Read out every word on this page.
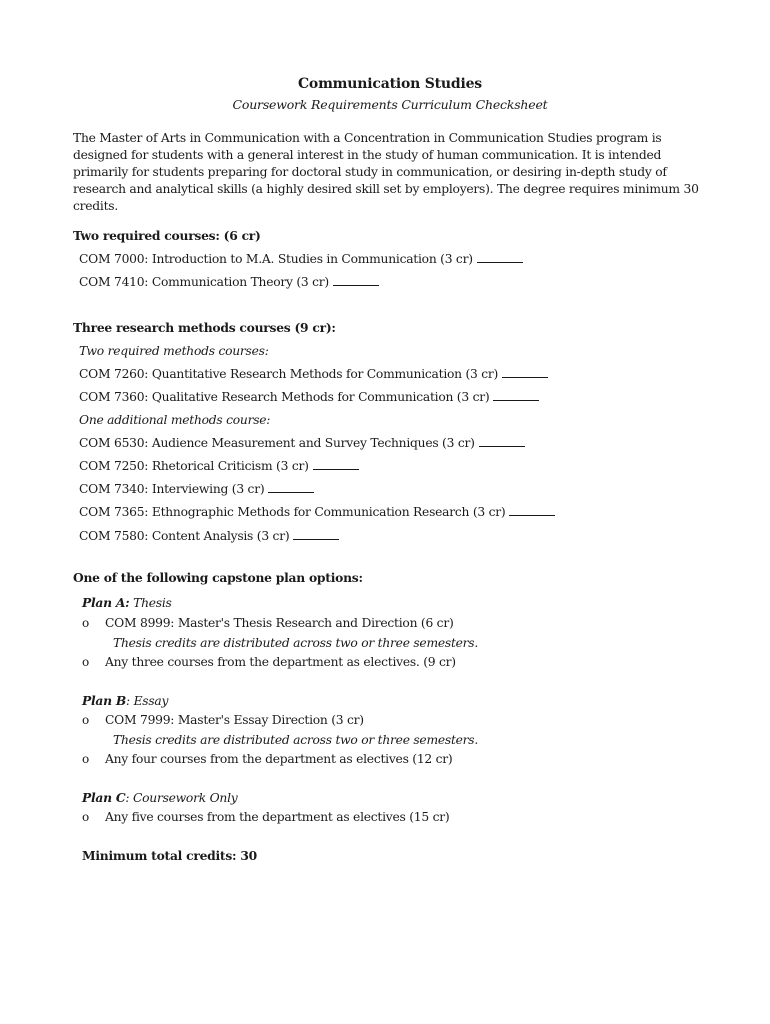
Communication Studies
Coursework Requirements Curriculum Checksheet
The Master of Arts in Communication with a Concentration in Communication Studies program is designed for students with a general interest in the study of human communication. It is intended primarily for students preparing for doctoral study in communication, or desiring in-depth study of research and analytical skills (a highly desired skill set by employers). The degree requires minimum 30 credits.
Two required courses: (6 cr)
COM 7000: Introduction to M.A. Studies in Communication (3 cr)
COM 7410: Communication Theory (3 cr)
Three research methods courses (9 cr):
Two required methods courses:
COM 7260: Quantitative Research Methods for Communication (3 cr)
COM 7360: Qualitative Research Methods for Communication (3 cr)
One additional methods course:
COM 6530: Audience Measurement and Survey Techniques (3 cr)
COM 7250: Rhetorical Criticism (3 cr)
COM 7340: Interviewing (3 cr)
COM 7365: Ethnographic Methods for Communication Research (3 cr)
COM 7580: Content Analysis (3 cr)
One of the following capstone plan options:
Plan A: Thesis
o COM 8999: Master's Thesis Research and Direction (6 cr)
Thesis credits are distributed across two or three semesters.
o Any three courses from the department as electives. (9 cr)
Plan B: Essay
o COM 7999: Master's Essay Direction (3 cr)
Thesis credits are distributed across two or three semesters.
o Any four courses from the department as electives (12 cr)
Plan C: Coursework Only
o Any five courses from the department as electives (15 cr)
Minimum total credits: 30
